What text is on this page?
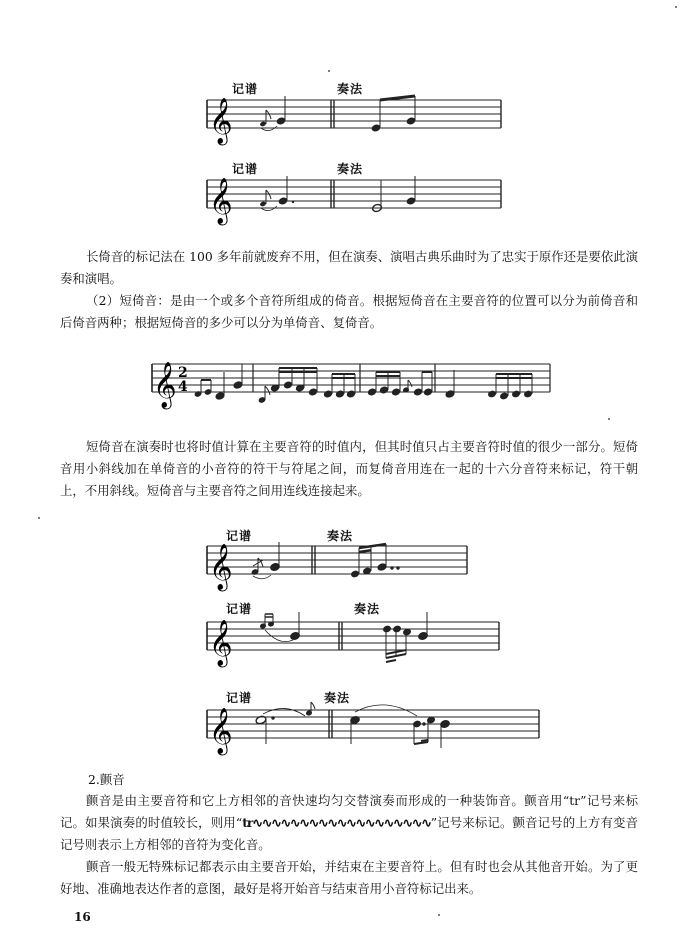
记谱	奏法
𝄞
记谱	奏法
𝄞

长倚音的标记法在 100 多年前就废弃不用，但在演奏、演唱古典乐曲时为了忠实于原作还是要依此演奏和演唱。

（2）短倚音：是由一个或多个音符所组成的倚音。根据短倚音在主要音符的位置可以分为前倚音和后倚音两种；根据短倚音的多少可以分为单倚音、复倚音。

𝄞 2
4

短倚音在演奏时也将时值计算在主要音符的时值内，但其时值只占主要音符时值的很少一部分。短倚音用小斜线加在单倚音的小音符的符干与符尾之间，而复倚音用连在一起的十六分音符来标记，符干朝上，不用斜线。短倚音与主要音符之间用连线连接起来。

记谱	奏法
𝄞
记谱	奏法
𝄞
记谱	奏法
𝄞

2.颤音

颤音是由主要音符和它上方相邻的音快速均匀交替演奏而形成的一种装饰音。颤音用“tr”记号来标记。如果演奏的时值较长，则用“tr∿∿∿∿∿∿∿∿∿∿∿∿∿∿∿∿∿∿∿”记号来标记。颤音记号的上方有变音记号则表示上方相邻的音符为变化音。

颤音一般无特殊标记都表示由主要音开始，并结束在主要音符上。但有时也会从其他音开始。为了更好地、准确地表达作者的意图，最好是将开始音与结束音用小音符标记出来。

16
